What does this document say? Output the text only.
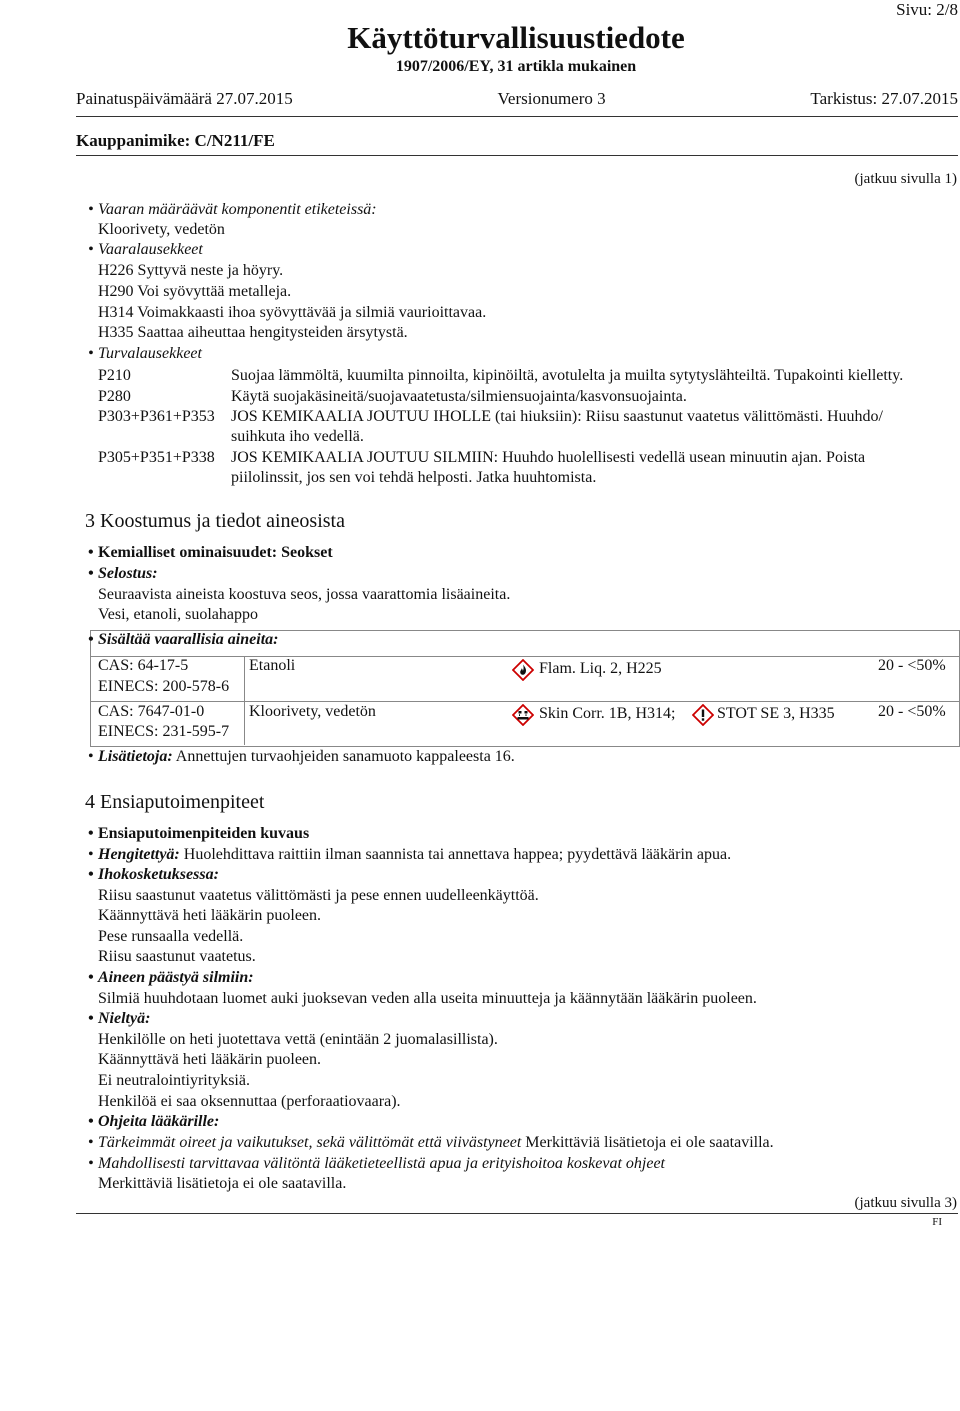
Sivu: 2/8
Käyttöturvallisuustiedote
1907/2006/EY, 31 artikla mukainen
Painatuspäivämäärä 27.07.2015	Versionumero 3	Tarkistus: 27.07.2015
Kauppanimike: C/N211/FE
(jatkuu sivulla 1)
• Vaaran määräävät komponentit etiketeissä:
Kloorivety, vedetön
• Vaaralausekkeet
H226 Syttyvä neste ja höyry.
H290 Voi syövyttää metalleja.
H314 Voimakkaasti ihoa syövyttävää ja silmiä vaurioittavaa.
H335 Saattaa aiheuttaa hengitysteiden ärsytystä.
• Turvalausekkeet
P210	Suojaa lämmöltä, kuumilta pinnoilta, kipinöiltä, avotulelta ja muilta sytytyslähteiltä. Tupakointi kielletty.
P280	Käytä suojakäsineitä/suojavaatetusta/silmiensuojainta/kasvonsuojainta.
P303+P361+P353 JOS KEMIKAALIA JOUTUU IHOLLE (tai hiuksiin): Riisu saastunut vaatetus välittömästi. Huuhdo/
suihkuta iho vedellä.
P305+P351+P338 JOS KEMIKAALIA JOUTUU SILMIIN: Huuhdo huolellisesti vedellä usean minuutin ajan. Poista
piilolinssit, jos sen voi tehdä helposti. Jatka huuhtomista.
3 Koostumus ja tiedot aineosista
• Kemialliset ominaisuudet: Seokset
• Selostus:
Seuraavista aineista koostuva seos, jossa vaarattomia lisäaineita.
Vesi, etanoli, suolahappo
• Sisältää vaarallisia aineita:
CAS: 64-17-5
EINECS: 200-578-6
Etanoli	Flam. Liq. 2, H225	20 - <50%
CAS: 7647-01-0
EINECS: 231-595-7
Kloorivety, vedetön	Skin Corr. 1B, H314;	STOT SE 3, H335	20 - <50%
• Lisätietoja: Annettujen turvaohjeiden sanamuoto kappaleesta 16.
4 Ensiaputoimenpiteet
• Ensiaputoimenpiteiden kuvaus
• Hengitettyä: Huolehdittava raittiin ilman saannista tai annettava happea; pyydettävä lääkärin apua.
• Ihokosketuksessa:
Riisu saastunut vaatetus välittömästi ja pese ennen uudelleenkäyttöä.
Käännyttävä heti lääkärin puoleen.
Pese runsaalla vedellä.
Riisu saastunut vaatetus.
• Aineen päästyä silmiin:
Silmiä huuhdotaan luomet auki juoksevan veden alla useita minuutteja ja käännytään lääkärin puoleen.
• Nieltyä:
Henkilölle on heti juotettava vettä (enintään 2 juomalasillista).
Käännyttävä heti lääkärin puoleen.
Ei neutralointiyrityksiä.
Henkilöä ei saa oksennuttaa (perforaatiovaara).
• Ohjeita lääkärille:
• Tärkeimmät oireet ja vaikutukset, sekä välittömät että viivästyneet Merkittäviä lisätietoja ei ole saatavilla.
• Mahdollisesti tarvittavaa välitöntä lääketieteellistä apua ja erityishoitoa koskevat ohjeet
Merkittäviä lisätietoja ei ole saatavilla.
(jatkuu sivulla 3)
FI
